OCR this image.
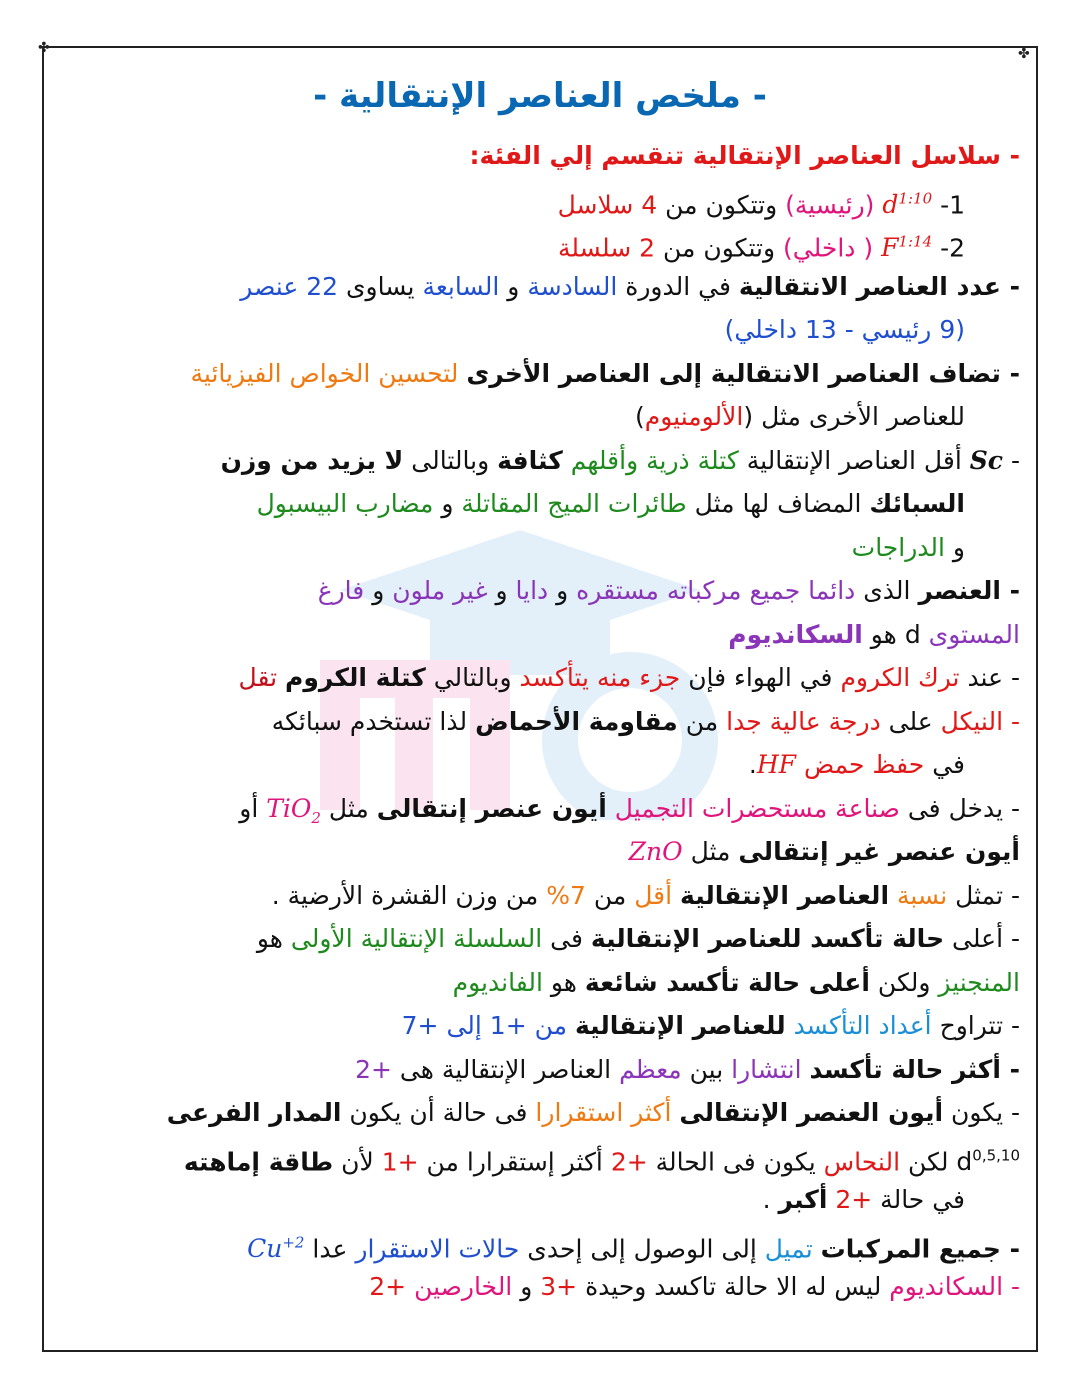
✤	✤
- ملخص العناصر الإنتقالية -
- سلاسل العناصر الإنتقالية تنقسم إلي الفئة:
1- $d^{1:10}$ (رئيسية) وتتكون من 4 سلاسل
2- $F^{1:14}$ ( داخلي) وتتكون من 2 سلسلة
- عدد العناصر الانتقالية في الدورة السادسة و السابعة يساوى 22 عنصر
(9 رئيسي - 13 داخلي)
- تضاف العناصر الانتقالية إلى العناصر الأخرى لتحسين الخواص الفيزيائية
للعناصر الأخرى مثل (الألومنيوم)
- Sc أقل العناصر الإنتقالية كتلة ذرية وأقلهم كثافة وبالتالى لا يزيد من وزن
السبائك المضاف لها مثل طائرات الميج المقاتلة و مضارب البيسبول
و الدراجات
- العنصر الذى دائما جميع مركباته مستقره و دايا و غير ملون و فارغ
المستوى d هو السكانديوم
- عند ترك الكروم في الهواء فإن جزء منه يتأكسد وبالتالي كتلة الكروم تقل
- النيكل على درجة عالية جدا من مقاومة الأحماض لذا تستخدم سبائكه
في حفظ حمض HF.
- يدخل فى صناعة مستحضرات التجميل أيون عنصر إنتقالى مثل TiO$_2$ أو
أيون عنصر غير إنتقالى مثل ZnO
- تمثل نسبة العناصر الإنتقالية أقل من 7% من وزن القشرة الأرضية .
- أعلى حالة تأكسد للعناصر الإنتقالية فى السلسلة الإنتقالية الأولى هو
المنجنيز ولكن أعلى حالة تأكسد شائعة هو الفانديوم
- تتراوح أعداد التأكسد للعناصر الإنتقالية من +1 إلى +7
- أكثر حالة تأكسد انتشارا بين معظم العناصر الإنتقالية هى +2
- يكون أيون العنصر الإنتقالى أكثر استقرارا فى حالة أن يكون المدار الفرعى
$d^{0,5,10}$ لكن النحاس يكون فى الحالة +2 أكثر إستقرارا من +1 لأن طاقة إماهته
في حالة +2 أكبر .
- جميع المركبات تميل إلى الوصول إلى إحدى حالات الاستقرار عدا $Cu^{+2}$
- السكانديوم ليس له الا حالة تاكسد وحيدة +3 و الخارصين +2
